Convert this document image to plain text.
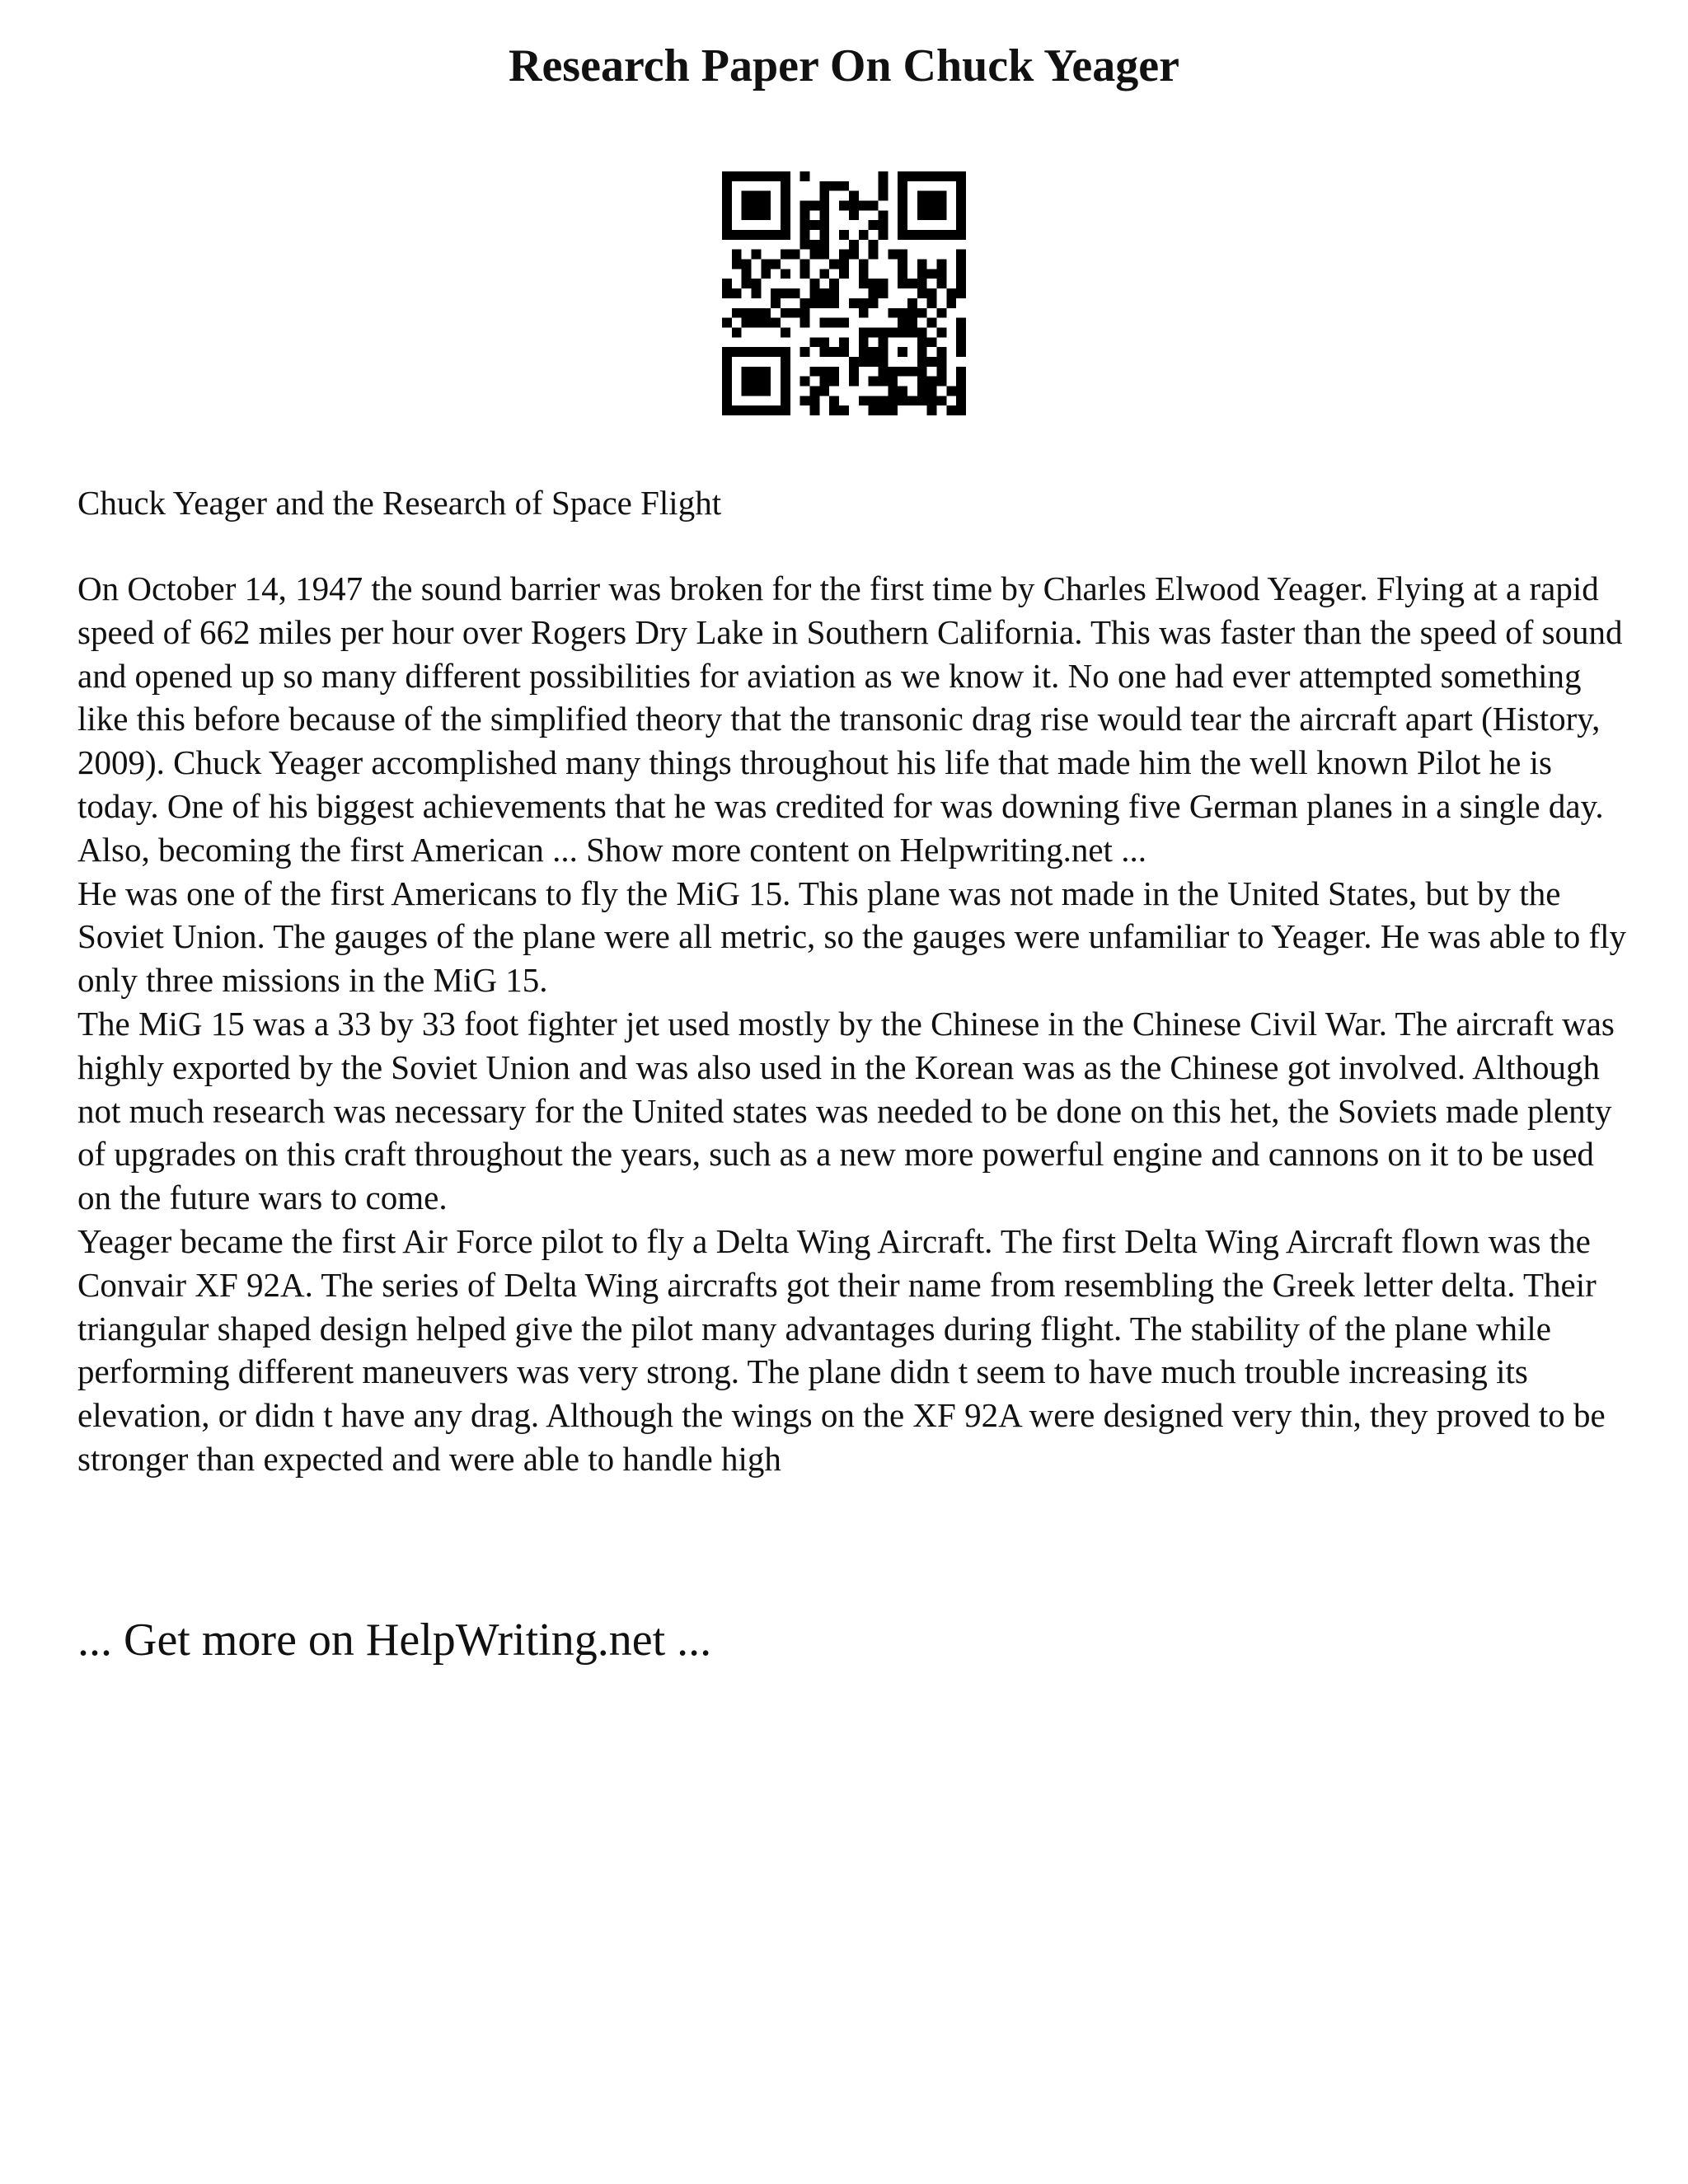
Research Paper On Chuck Yeager
Chuck Yeager and the Research of Space Flight

On October 14, 1947 the sound barrier was broken for the first time by Charles Elwood Yeager. Flying at a rapid speed of 662 miles per hour over Rogers Dry Lake in Southern California. This was faster than the speed of sound and opened up so many different possibilities for aviation as we know it. No one had ever attempted something like this before because of the simplified theory that the transonic drag rise would tear the aircraft apart (History, 2009). Chuck Yeager accomplished many things throughout his life that made him the well known Pilot he is today. One of his biggest achievements that he was credited for was downing five German planes in a single day. Also, becoming the first American ... Show more content on Helpwriting.net ...

He was one of the first Americans to fly the MiG 15. This plane was not made in the United States, but by the Soviet Union. The gauges of the plane were all metric, so the gauges were unfamiliar to Yeager. He was able to fly only three missions in the MiG 15.

The MiG 15 was a 33 by 33 foot fighter jet used mostly by the Chinese in the Chinese Civil War. The aircraft was highly exported by the Soviet Union and was also used in the Korean was as the Chinese got involved. Although not much research was necessary for the United states was needed to be done on this het, the Soviets made plenty of upgrades on this craft throughout the years, such as a new more powerful engine and cannons on it to be used on the future wars to come.

Yeager became the first Air Force pilot to fly a Delta Wing Aircraft. The first Delta Wing Aircraft flown was the Convair XF 92A. The series of Delta Wing aircrafts got their name from resembling the Greek letter delta. Their triangular shaped design helped give the pilot many advantages during flight. The stability of the plane while performing different maneuvers was very strong. The plane didn t seem to have much trouble increasing its elevation, or didn t have any drag. Although the wings on the XF 92A were designed very thin, they proved to be stronger than expected and were able to handle high

... Get more on HelpWriting.net ...
